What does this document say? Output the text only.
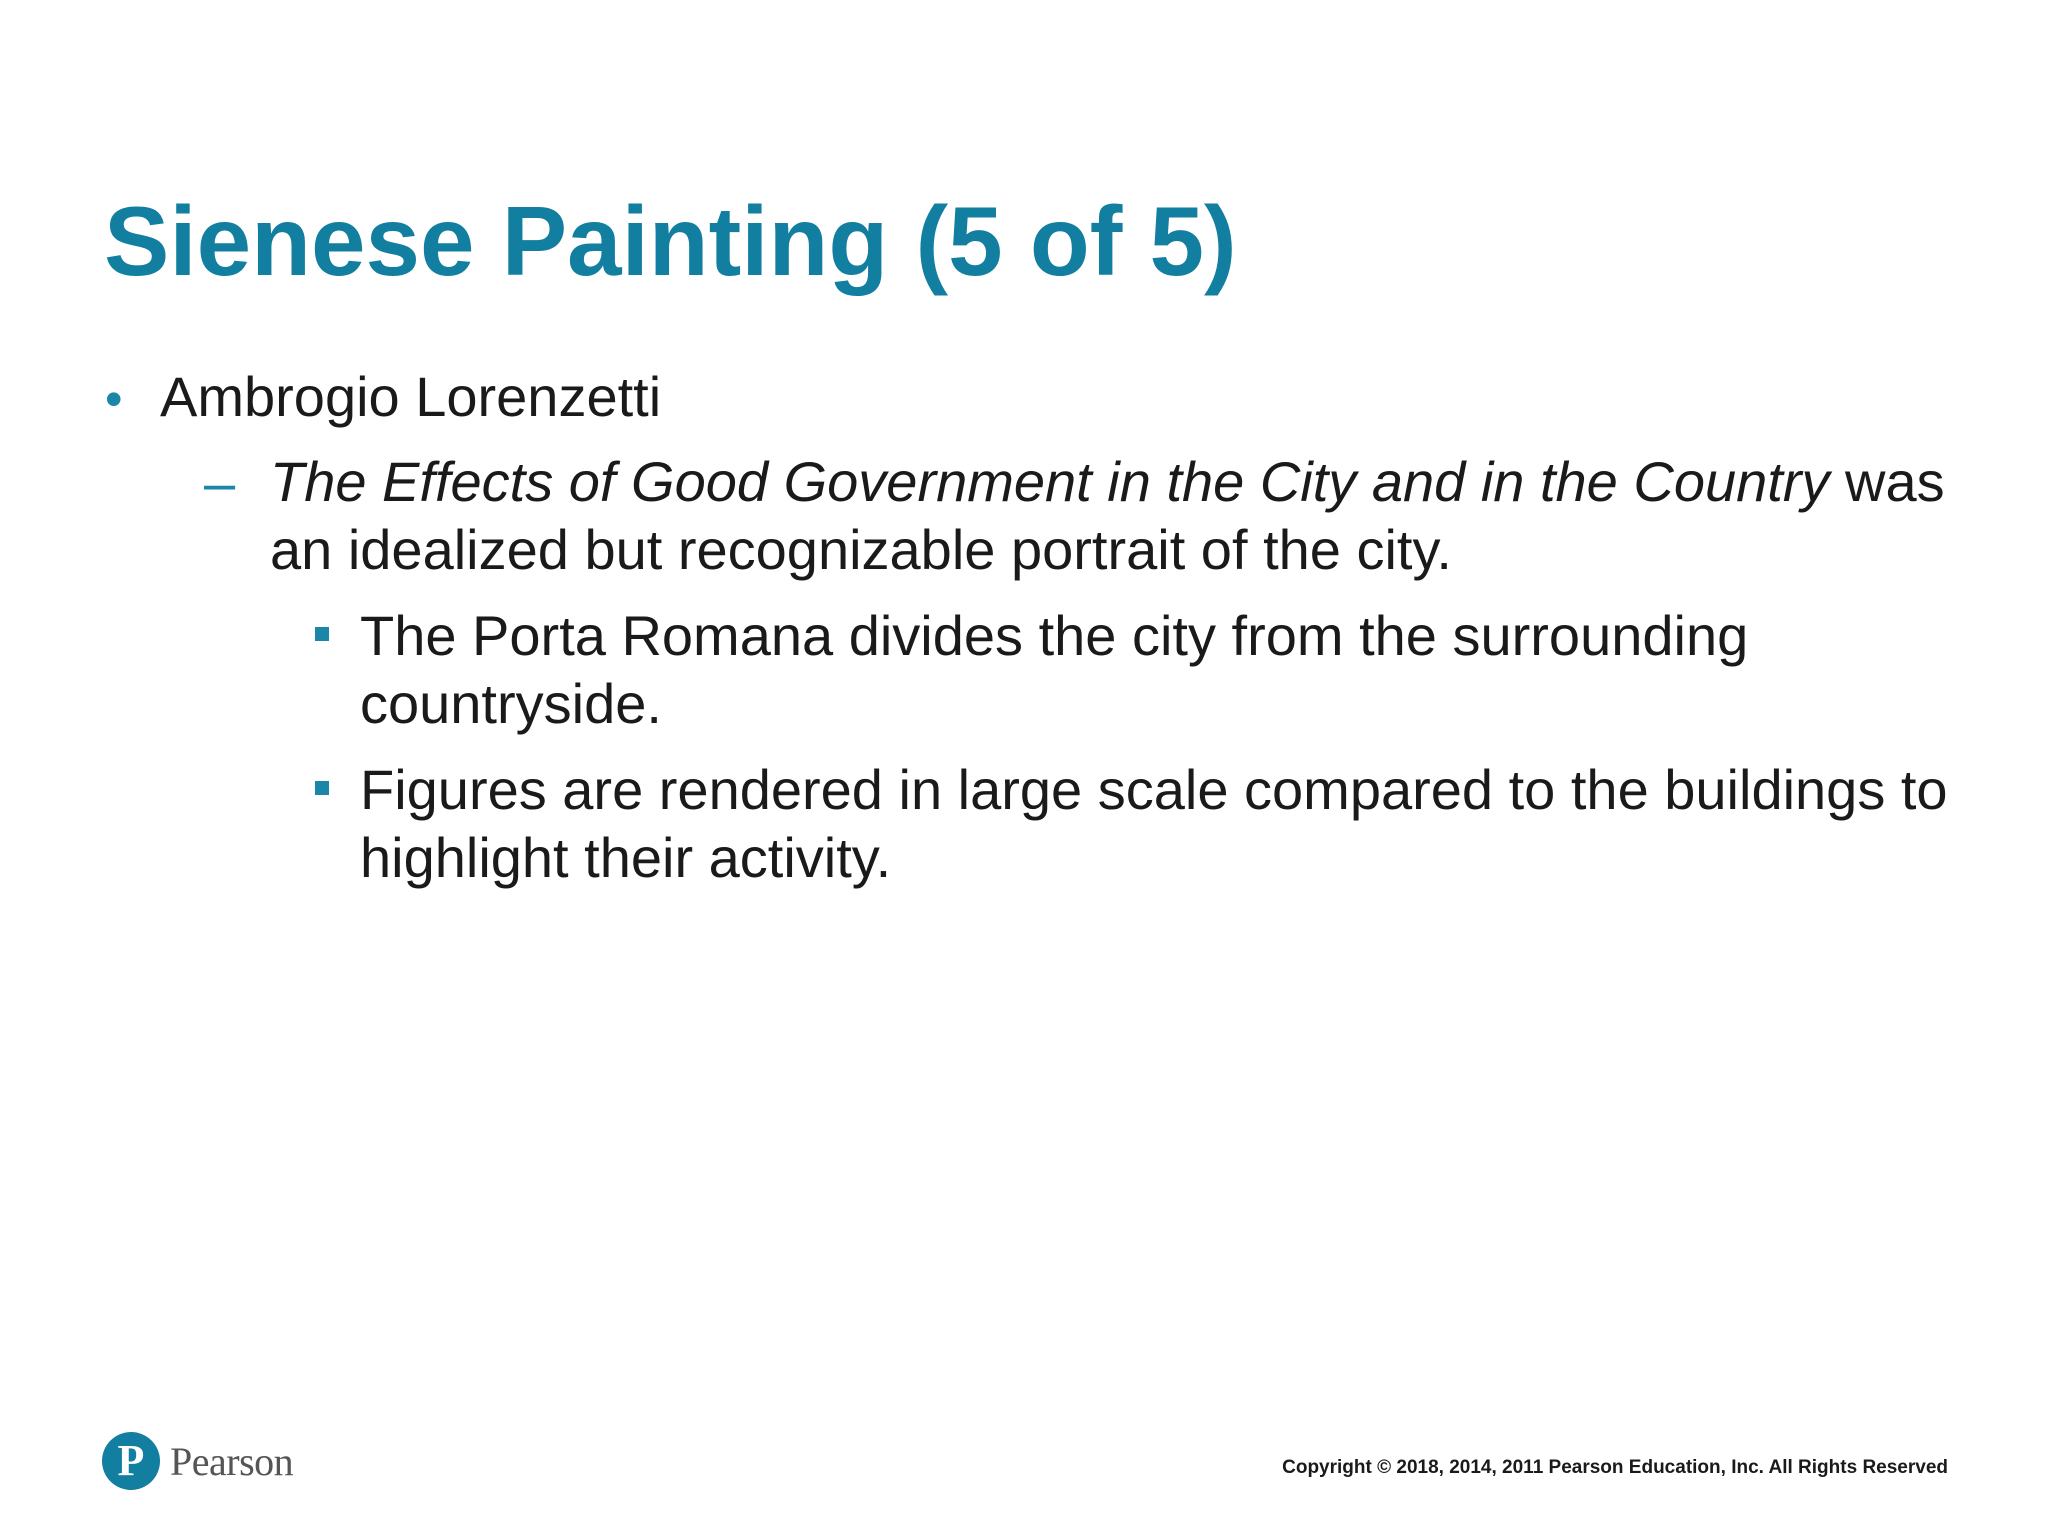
Sienese Painting (5 of 5)
• Ambrogio Lorenzetti
– The Effects of Good Government in the City and in the Country was an idealized but recognizable portrait of the city.
The Porta Romana divides the city from the surrounding countryside.
Figures are rendered in large scale compared to the buildings to highlight their activity.
P Pearson	Copyright © 2018, 2014, 2011 Pearson Education, Inc. All Rights Reserved
